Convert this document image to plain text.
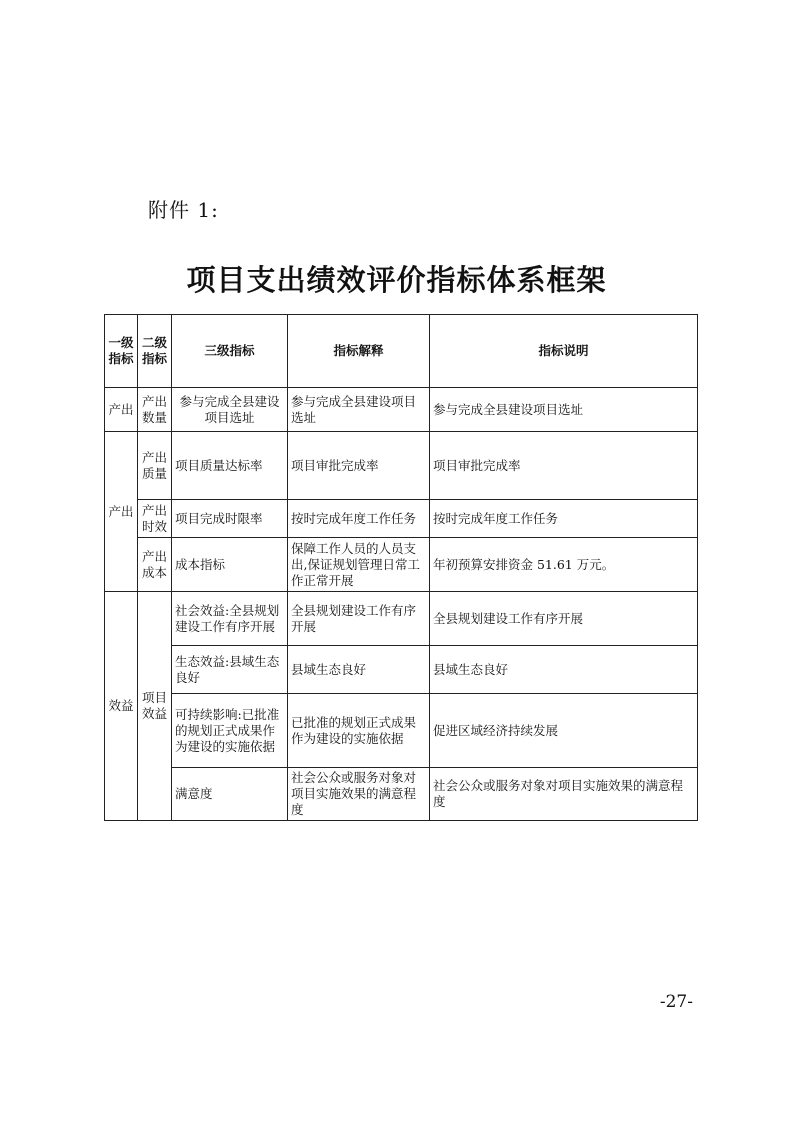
附件 1:
项目支出绩效评价指标体系框架
一级指标	二级指标	三级指标	指标解释	指标说明
产出	产出数量	参与完成全县建设项目选址	参与完成全县建设项目选址	参与完成全县建设项目选址
产出	产出质量	项目质量达标率	项目审批完成率	项目审批完成率
	产出时效	项目完成时限率	按时完成年度工作任务	按时完成年度工作任务
	产出成本	成本指标	保障工作人员的人员支出,保证规划管理日常工作正常开展	年初预算安排资金 51.61 万元。
效益	项目效益	社会效益:全县规划建设工作有序开展	全县规划建设工作有序开展	全县规划建设工作有序开展
		生态效益:县域生态良好	县域生态良好	县域生态良好
		可持续影响:已批准的规划正式成果作为建设的实施依据	已批准的规划正式成果作为建设的实施依据	促进区域经济持续发展
		满意度	社会公众或服务对象对项目实施效果的满意程度	社会公众或服务对象对项目实施效果的满意程度
-27-
